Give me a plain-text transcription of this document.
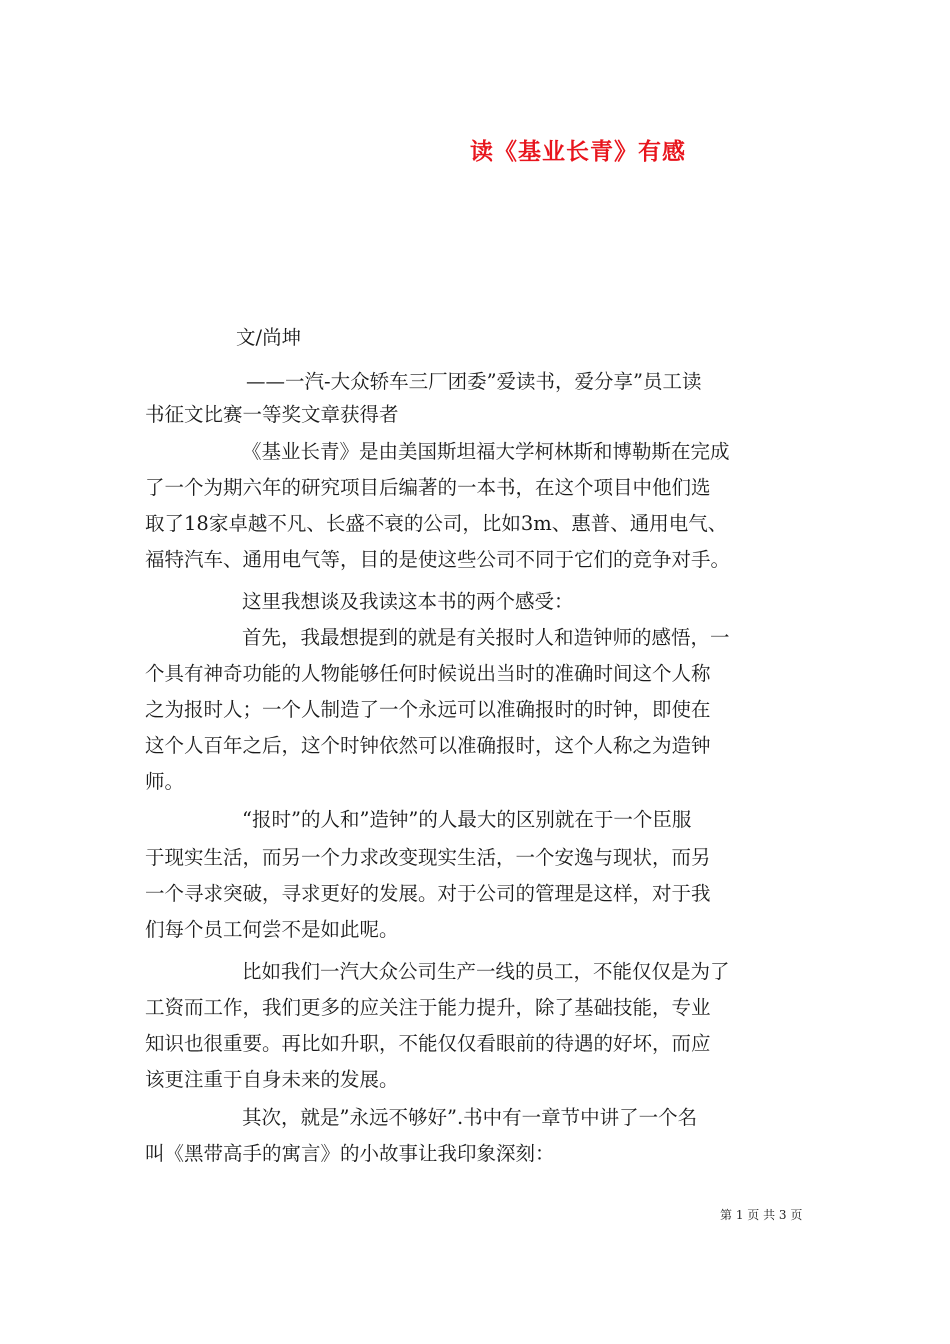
读《基业长青》有感
文/尚坤
——一汽-大众轿车三厂团委”爱读书，爱分享”员工读
书征文比赛一等奖文章获得者
《基业长青》是由美国斯坦福大学柯林斯和博勒斯在完成
了一个为期六年的研究项目后编著的一本书，在这个项目中他们选
取了18家卓越不凡、长盛不衰的公司，比如3m、惠普、通用电气、
福特汽车、通用电气等，目的是使这些公司不同于它们的竞争对手。
这里我想谈及我读这本书的两个感受：
首先，我最想提到的就是有关报时人和造钟师的感悟，一
个具有神奇功能的人物能够任何时候说出当时的准确时间这个人称
之为报时人；一个人制造了一个永远可以准确报时的时钟，即使在
这个人百年之后，这个时钟依然可以准确报时，这个人称之为造钟
师。
“报时”的人和”造钟”的人最大的区别就在于一个臣服
于现实生活，而另一个力求改变现实生活，一个安逸与现状，而另
一个寻求突破，寻求更好的发展。对于公司的管理是这样，对于我
们每个员工何尝不是如此呢。
比如我们一汽大众公司生产一线的员工，不能仅仅是为了
工资而工作，我们更多的应关注于能力提升，除了基础技能，专业
知识也很重要。再比如升职，不能仅仅看眼前的待遇的好坏，而应
该更注重于自身未来的发展。
其次，就是”永远不够好”.书中有一章节中讲了一个名
叫《黑带高手的寓言》的小故事让我印象深刻：
第 1 页 共 3 页
